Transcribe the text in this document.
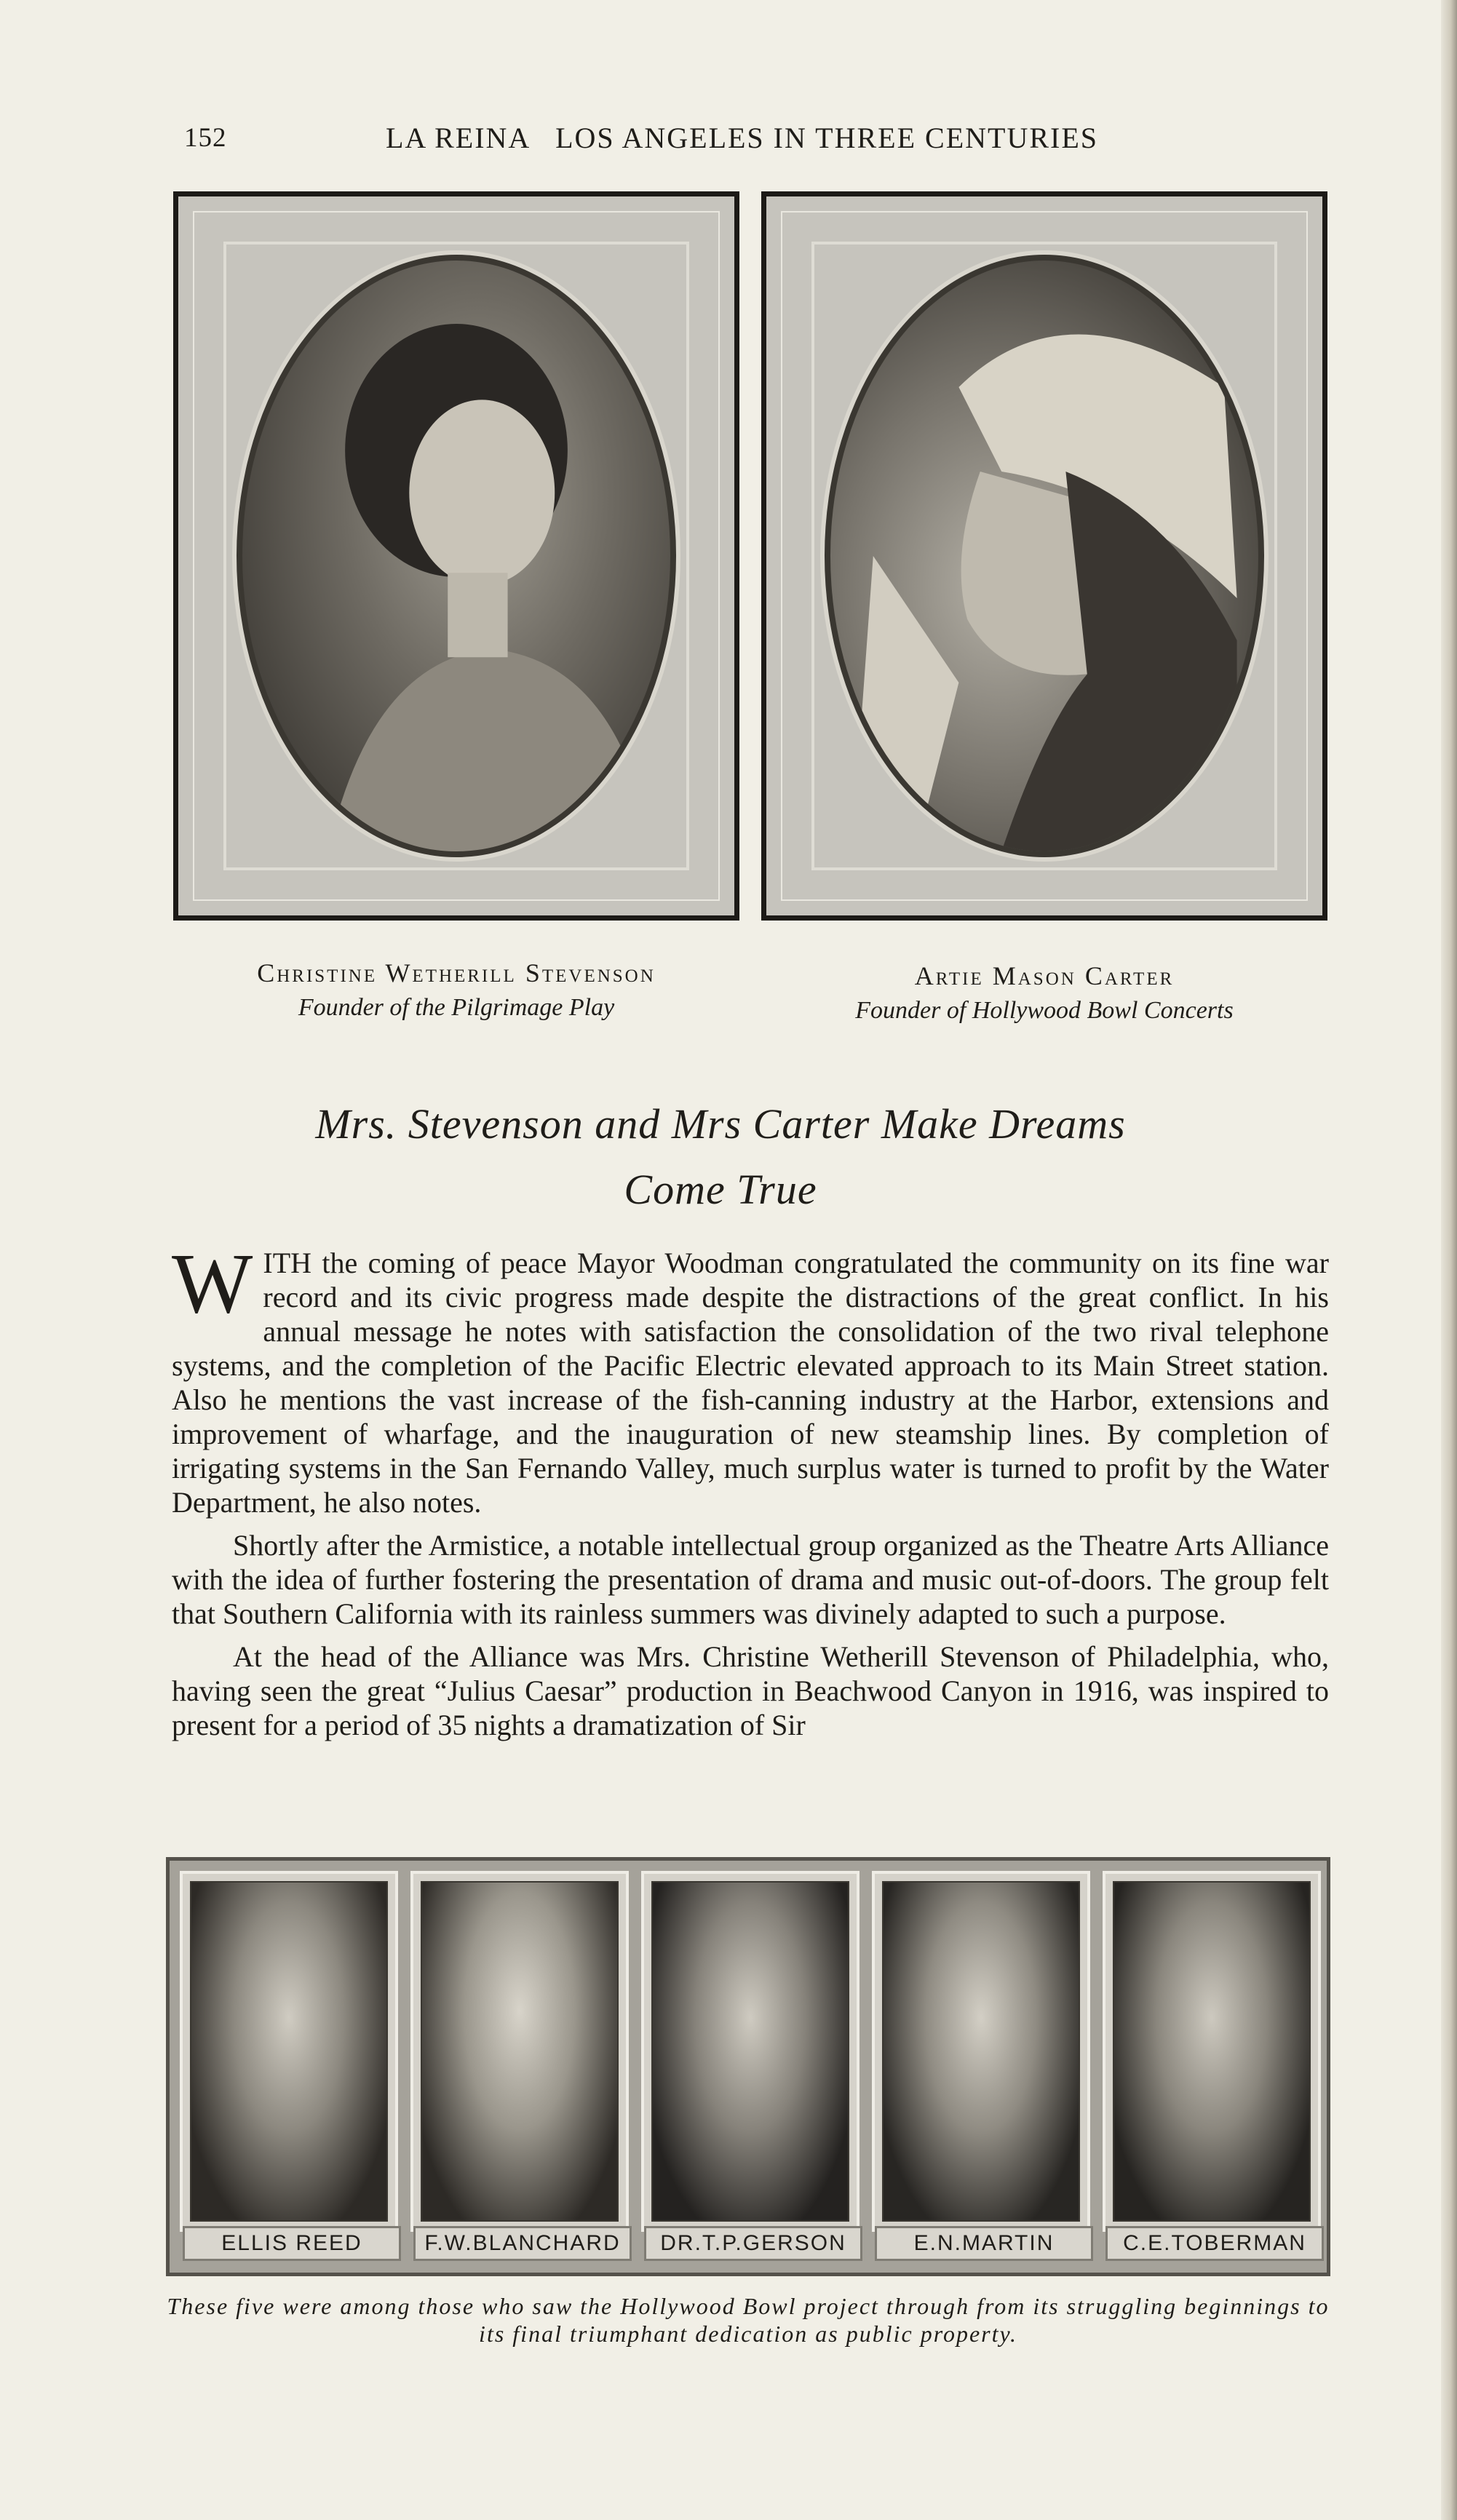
152	LA REINA   LOS ANGELES IN THREE CENTURIES
Christine Wetherill Stevenson
Founder of the Pilgrimage Play
Artie Mason Carter
Founder of Hollywood Bowl Concerts
Mrs. Stevenson and Mrs Carter Make Dreams
Come True

WITH the coming of peace Mayor Woodman congratulated the community on its fine war record and its civic progress made despite the distractions of the great conflict. In his annual message he notes with satisfaction the consolidation of the two rival telephone systems, and the completion of the Pacific Electric elevated approach to its Main Street station. Also he mentions the vast increase of the fish-canning industry at the Harbor, extensions and improvement of wharfage, and the inauguration of new steamship lines. By completion of irrigating systems in the San Fernando Valley, much surplus water is turned to profit by the Water Department, he also notes.

Shortly after the Armistice, a notable intellectual group organized as the Theatre Arts Alliance with the idea of further fostering the presentation of drama and music out-of-doors. The group felt that Southern California with its rainless summers was divinely adapted to such a purpose.

At the head of the Alliance was Mrs. Christine Wetherill Stevenson of Philadelphia, who, having seen the great “Julius Caesar” production in Beachwood Canyon in 1916, was inspired to present for a period of 35 nights a dramatization of Sir

ELLIS REED	F.W.BLANCHARD	DR.T.P.GERSON	E.N.MARTIN	C.E.TOBERMAN
These five were among those who saw the Hollywood Bowl project through from its struggling beginnings to its final triumphant dedication as public property.
